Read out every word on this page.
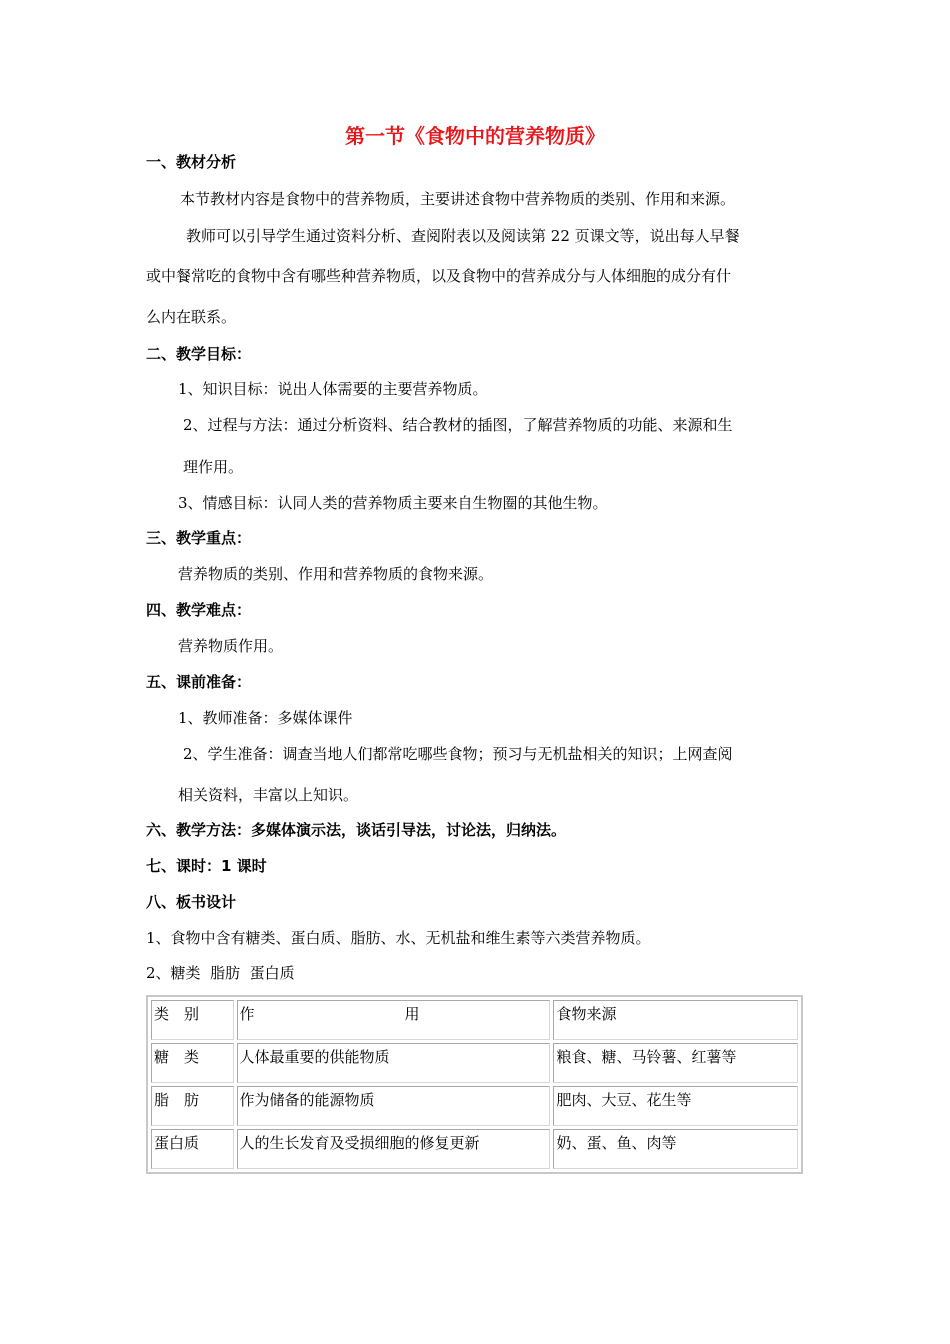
第一节《食物中的营养物质》
一、教材分析
本节教材内容是食物中的营养物质，主要讲述食物中营养物质的类别、作用和来源。
教师可以引导学生通过资料分析、查阅附表以及阅读第 22 页课文等，说出每人早餐
或中餐常吃的食物中含有哪些种营养物质，以及食物中的营养成分与人体细胞的成分有什
么内在联系。
二、教学目标：
1、知识目标：说出人体需要的主要营养物质。
2、过程与方法：通过分析资料、结合教材的插图，了解营养物质的功能、来源和生
理作用。
3、情感目标：认同人类的营养物质主要来自生物圈的其他生物。
三、教学重点：
营养物质的类别、作用和营养物质的食物来源。
四、教学难点：
营养物质作用。
五、课前准备：
1、教师准备：多媒体课件
2、学生准备：调查当地人们都常吃哪些食物；预习与无机盐相关的知识；上网查阅
相关资料，丰富以上知识。
六、教学方法：多媒体演示法，谈话引导法，讨论法，归纳法。
七、课时：1 课时
八、板书设计
1、食物中含有糖类、蛋白质、脂肪、水、无机盐和维生素等六类营养物质。
2、糖类  脂肪  蛋白质
类　别	作　　　　　　　　　　用	食物来源
糖　类	人体最重要的供能物质	粮食、糖、马铃薯、红薯等
脂　肪	作为储备的能源物质	肥肉、大豆、花生等
蛋白质	人的生长发育及受损细胞的修复更新	奶、蛋、鱼、肉等
